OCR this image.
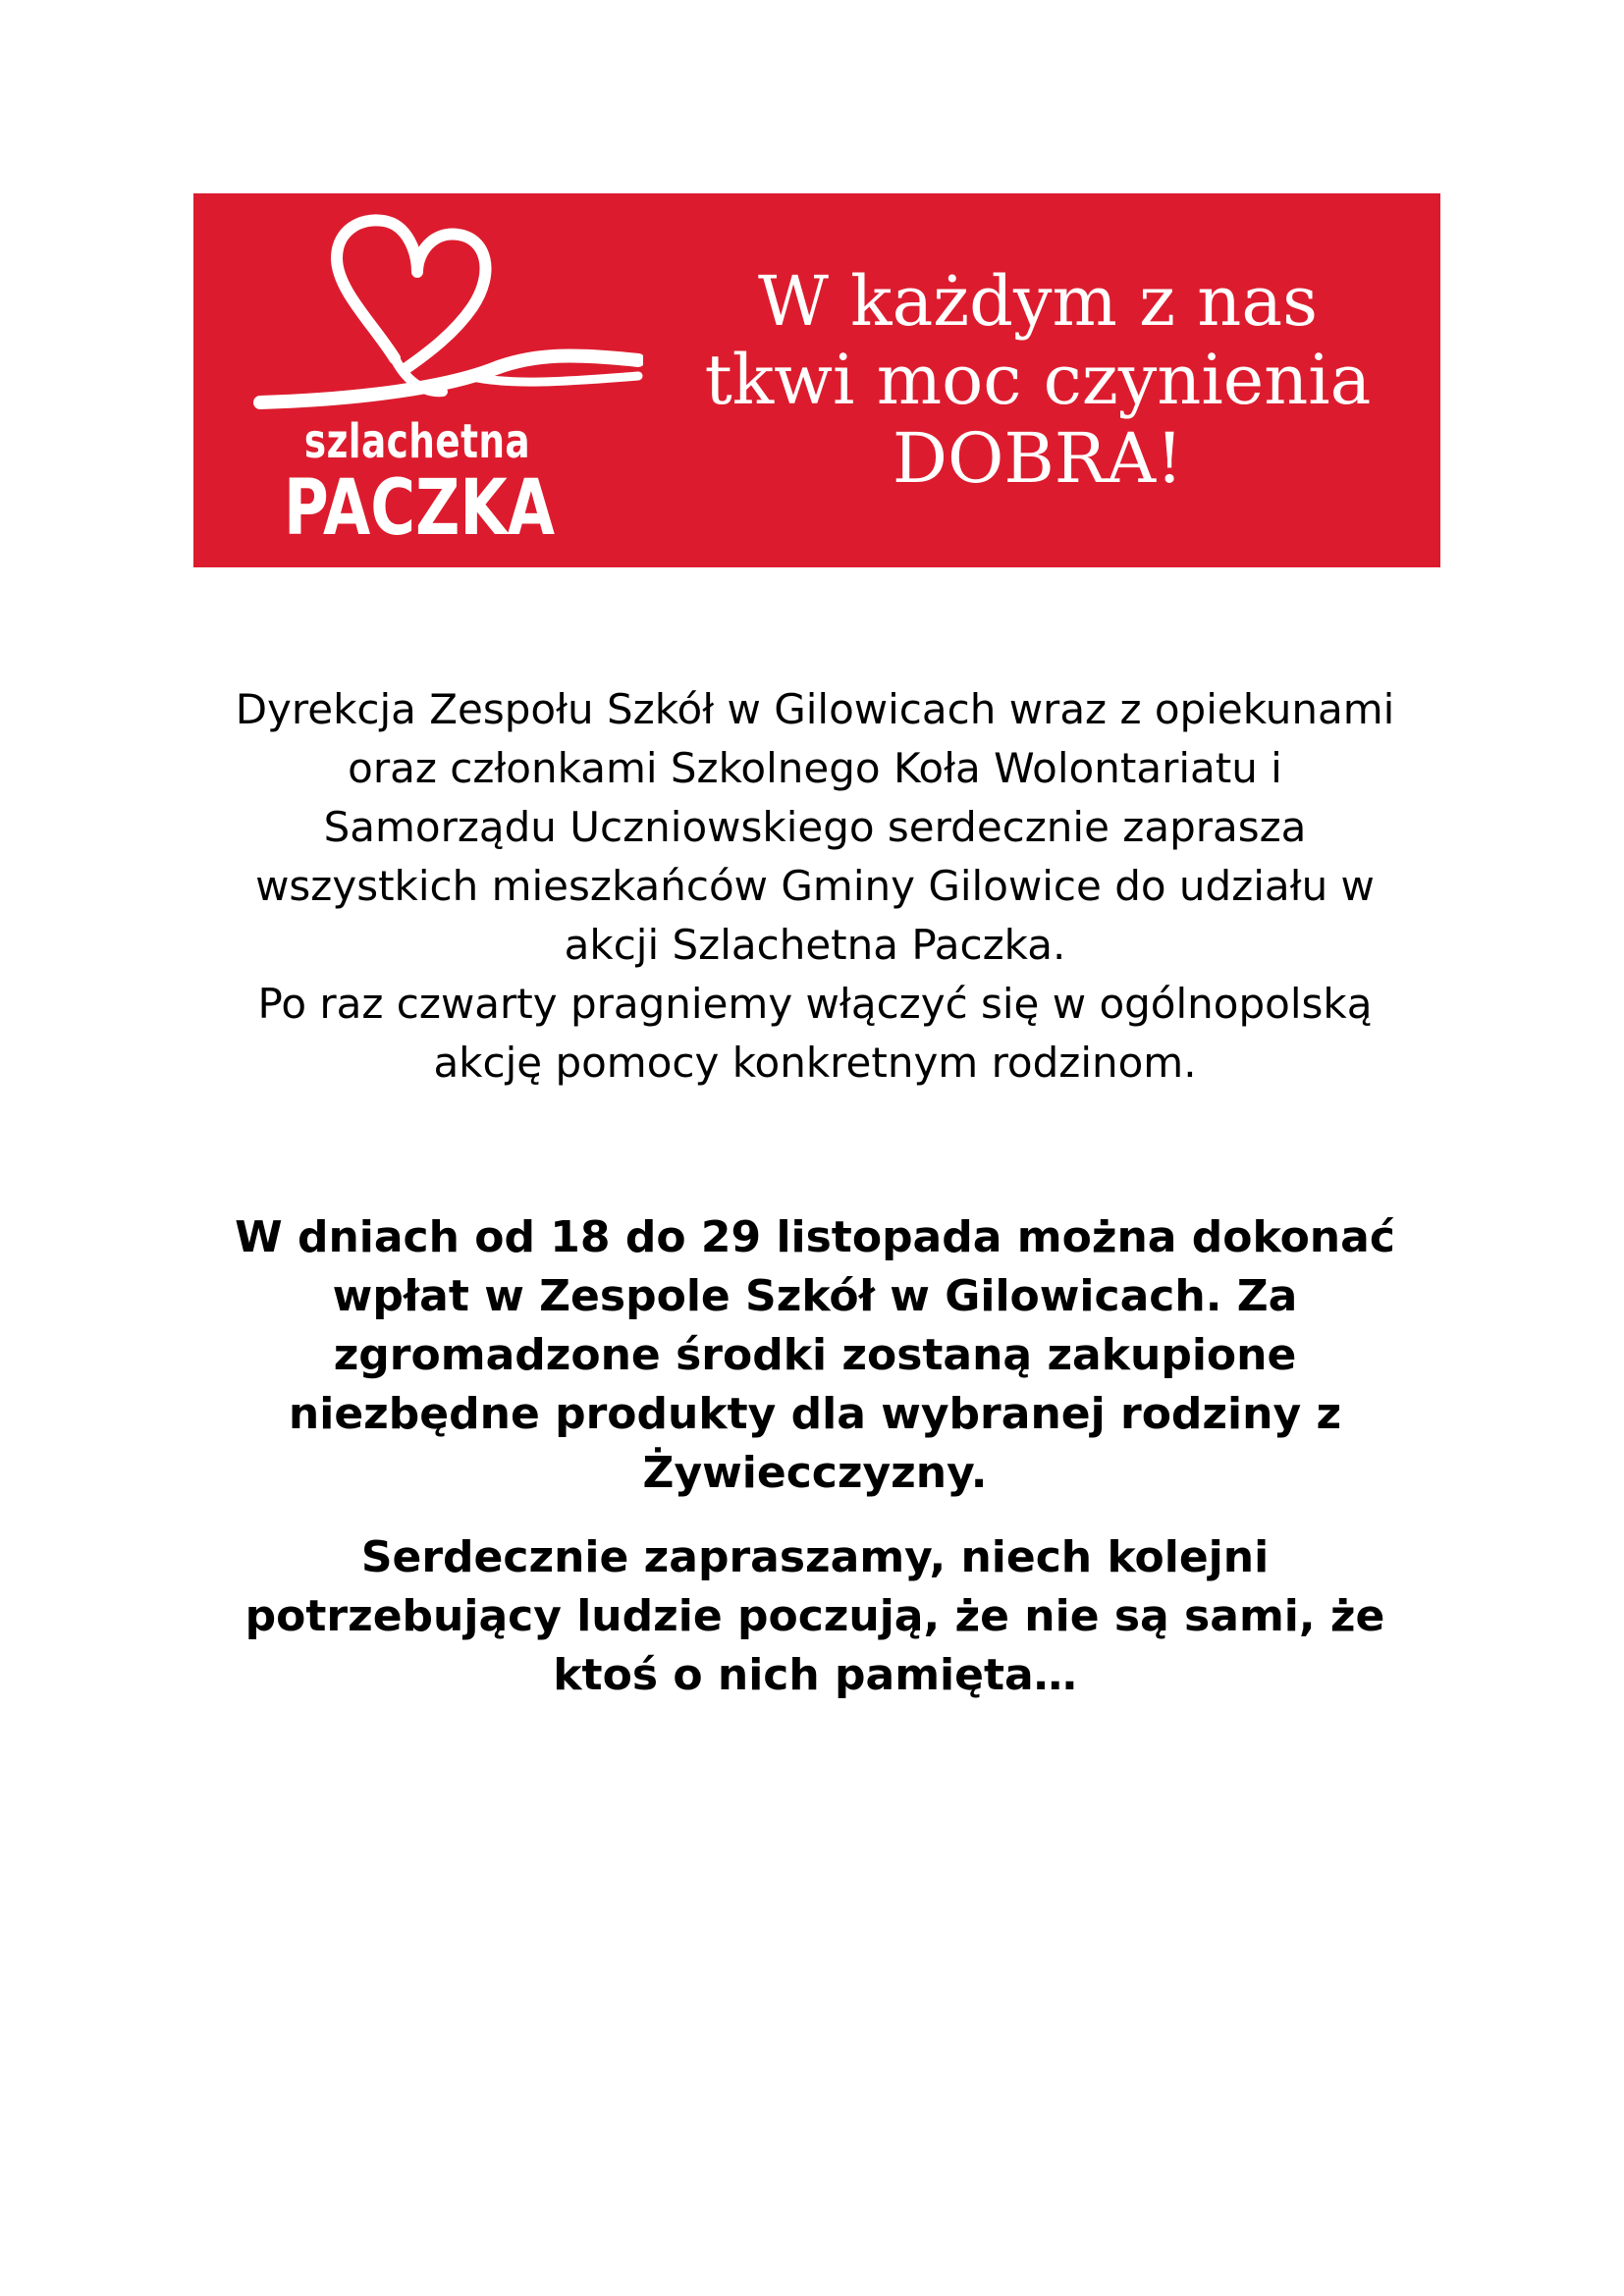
szlachetna
PACZKA
W każdym z nas
tkwi moc czynienia
DOBRA!
Dyrekcja Zespołu Szkół w Gilowicach wraz z opiekunami
oraz członkami Szkolnego Koła Wolontariatu i
Samorządu Uczniowskiego serdecznie zaprasza
wszystkich mieszkańców Gminy Gilowice do udziału w
akcji Szlachetna Paczka.
Po raz czwarty pragniemy włączyć się w ogólnopolską
akcję pomocy konkretnym rodzinom.
W dniach od 18 do 29 listopada można dokonać
wpłat w Zespole Szkół w Gilowicach. Za
zgromadzone środki zostaną zakupione
niezbędne produkty dla wybranej rodziny z
Żywiecczyzny.
Serdecznie zapraszamy, niech kolejni
potrzebujący ludzie poczują, że nie są sami, że
ktoś o nich pamięta…
